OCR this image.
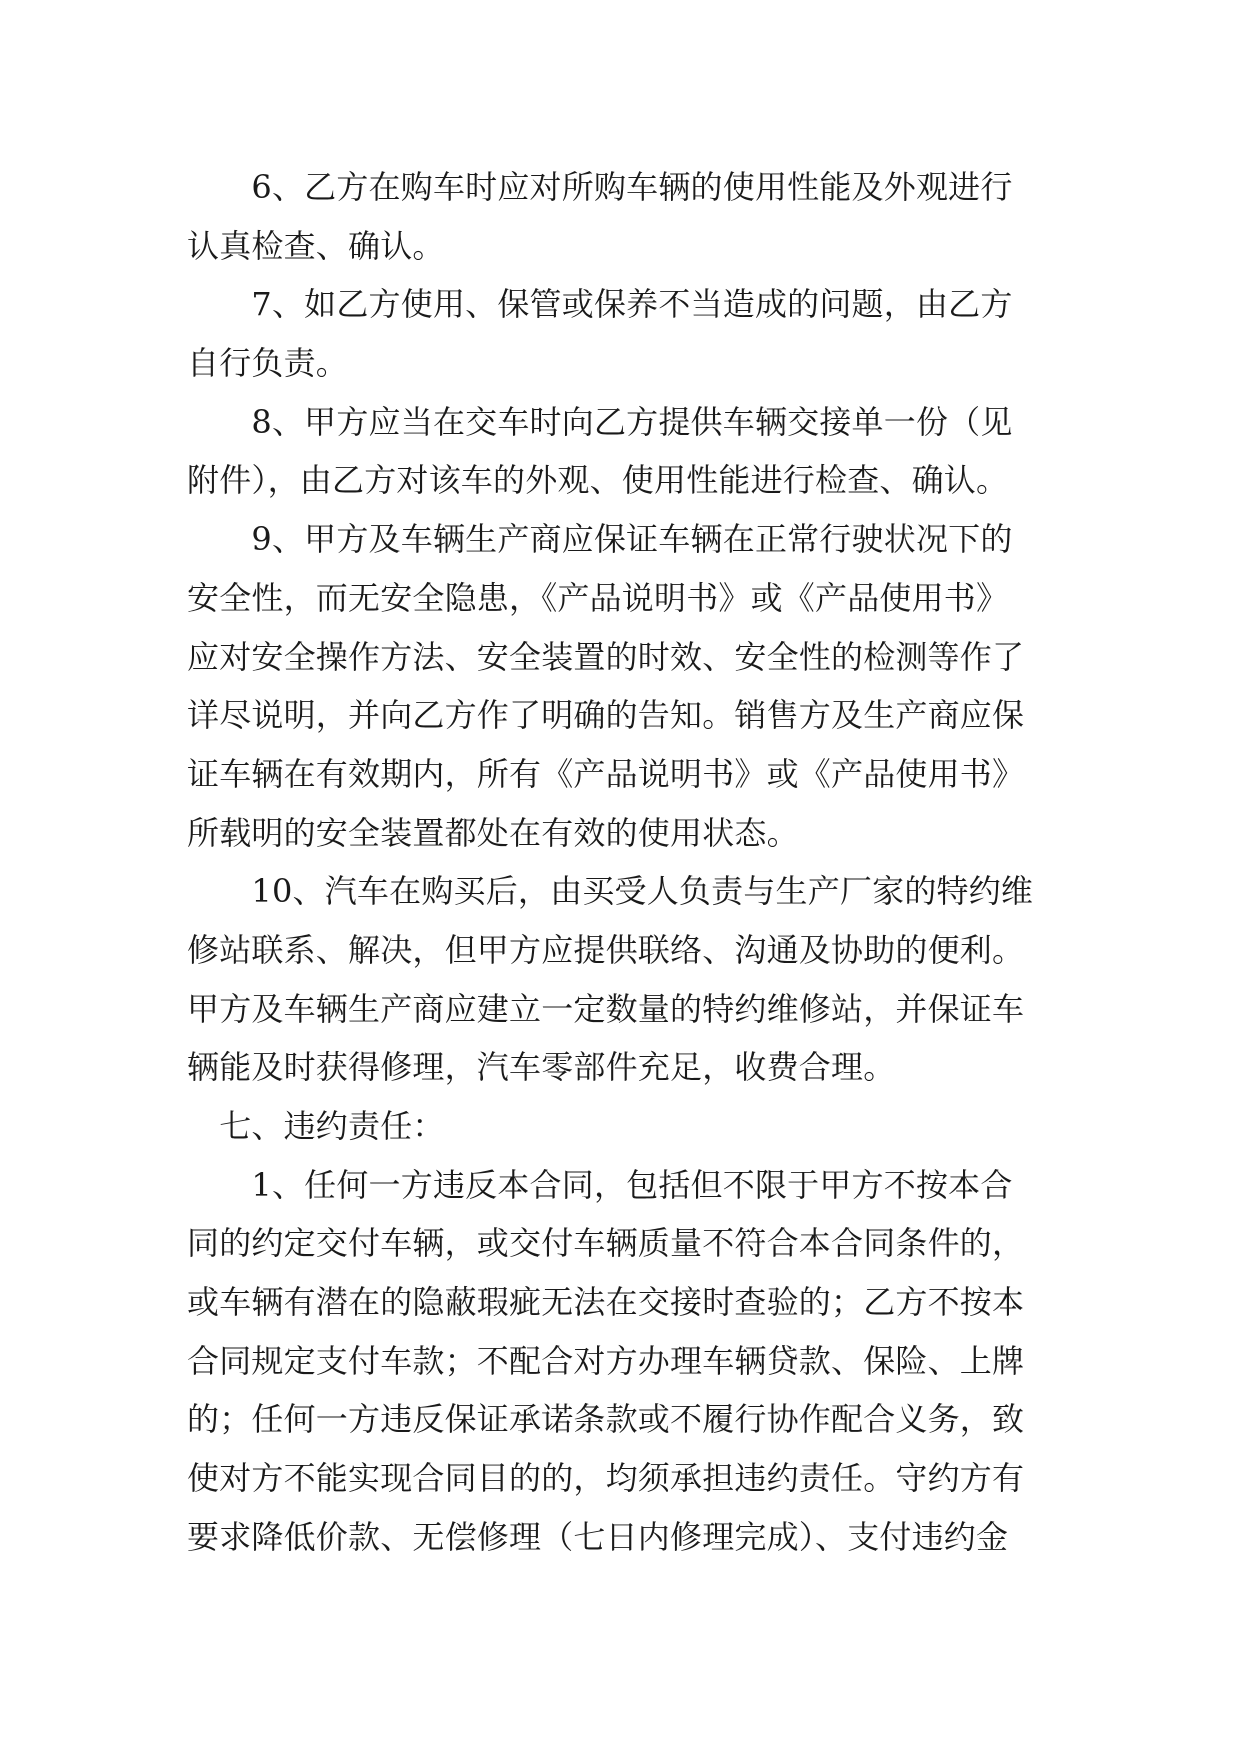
　　6、乙方在购车时应对所购车辆的使用性能及外观进行
认真检查、确认。
　　7、如乙方使用、保管或保养不当造成的问题，由乙方
自行负责。
　　8、甲方应当在交车时向乙方提供车辆交接单一份（见
附件），由乙方对该车的外观、使用性能进行检查、确认。
　　9、甲方及车辆生产商应保证车辆在正常行驶状况下的
安全性，而无安全隐患，《产品说明书》或《产品使用书》
应对安全操作方法、安全装置的时效、安全性的检测等作了
详尽说明，并向乙方作了明确的告知。销售方及生产商应保
证车辆在有效期内，所有《产品说明书》或《产品使用书》
所载明的安全装置都处在有效的使用状态。
　　10、汽车在购买后，由买受人负责与生产厂家的特约维
修站联系、解决，但甲方应提供联络、沟通及协助的便利。
甲方及车辆生产商应建立一定数量的特约维修站，并保证车
辆能及时获得修理，汽车零部件充足，收费合理。
　七、违约责任：
　　1、任何一方违反本合同，包括但不限于甲方不按本合
同的约定交付车辆，或交付车辆质量不符合本合同条件的，
或车辆有潜在的隐蔽瑕疵无法在交接时查验的；乙方不按本
合同规定支付车款；不配合对方办理车辆贷款、保险、上牌
的；任何一方违反保证承诺条款或不履行协作配合义务，致
使对方不能实现合同目的的，均须承担违约责任。守约方有
要求降低价款、无偿修理（七日内修理完成）、支付违约金
